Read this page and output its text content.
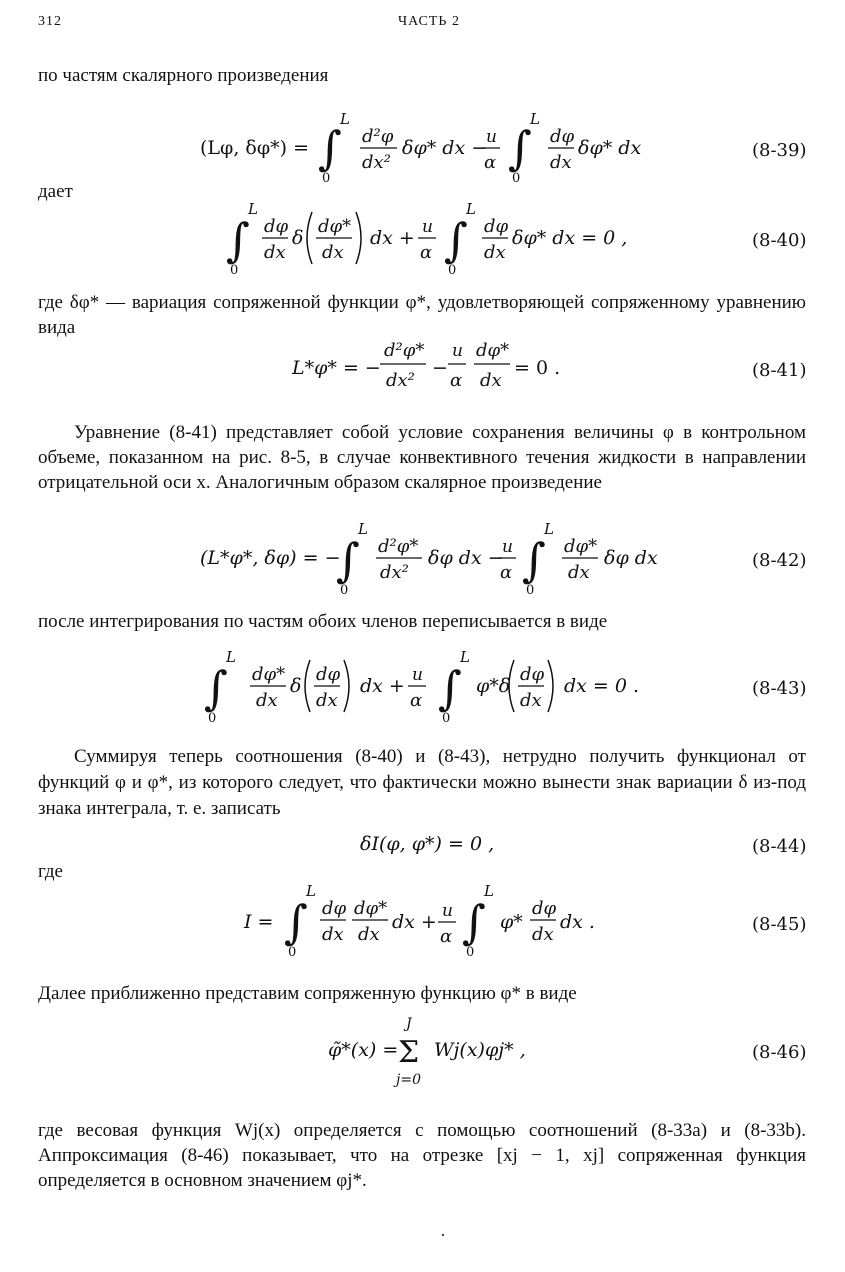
312	ЧАСТЬ 2
по частям скалярного произведения
(Lφ, δφ*) = ∫
L
0
d²φ
dx²
δφ* dx −
u
α ∫
L
0
dφ
dx
δφ* dx	(8-39)
дает
∫
L
0
dφ
dx
δ
dφ*
dx
dx + u
α ∫
L
0
dφ
dx
δφ* dx = 0 ,	(8-40)
где δφ* — вариация сопряженной функции φ*, удовлетворяющей сопряженному уравнению вида
L*φ* = −
d²φ*
dx²
−
u
α
dφ*
dx
= 0 .	(8-41)
Уравнение (8-41) представляет собой условие сохранения величины φ в контрольном объеме, показанном на рис. 8-5, в случае конвективного течения жидкости в направлении отрицательной оси x. Аналогичным образом скалярное произведение
(L*φ*, δφ) = −
∫
L
0
d²φ*
dx²
δφ dx −
u
α ∫
L
0
dφ*
dx
δφ dx	(8-42)
после интегрирования по частям обоих членов переписывается в виде
∫
L
0
dφ*
dx
δ
dφ
dx
dx + u
α ∫
L
0
φ*δ
dφ
dx
dx = 0 .	(8-43)
Суммируя теперь соотношения (8-40) и (8-43), нетрудно получить функционал от функций φ и φ*, из которого следует, что фактически можно вынести знак вариации δ из-под знака интеграла, т. е. записать
δI(φ, φ*) = 0 ,	(8-44)
где
I = ∫
L
0
dφ
dx
dφ*
dx
dx + u
α ∫
L
0
φ*
dφ
dx
dx .	(8-45)
Далее приближенно представим сопряженную функцию φ* в виде
φ̃*(x) =
J
Σ
j=0
Wj(x)φj* ,	(8-46)
где весовая функция Wj(x) определяется с помощью соотношений (8-33a) и (8-33b). Аппроксимация (8-46) показывает, что на отрезке [xj − 1, xj] сопряженная функция определяется в основном значением φj*.
